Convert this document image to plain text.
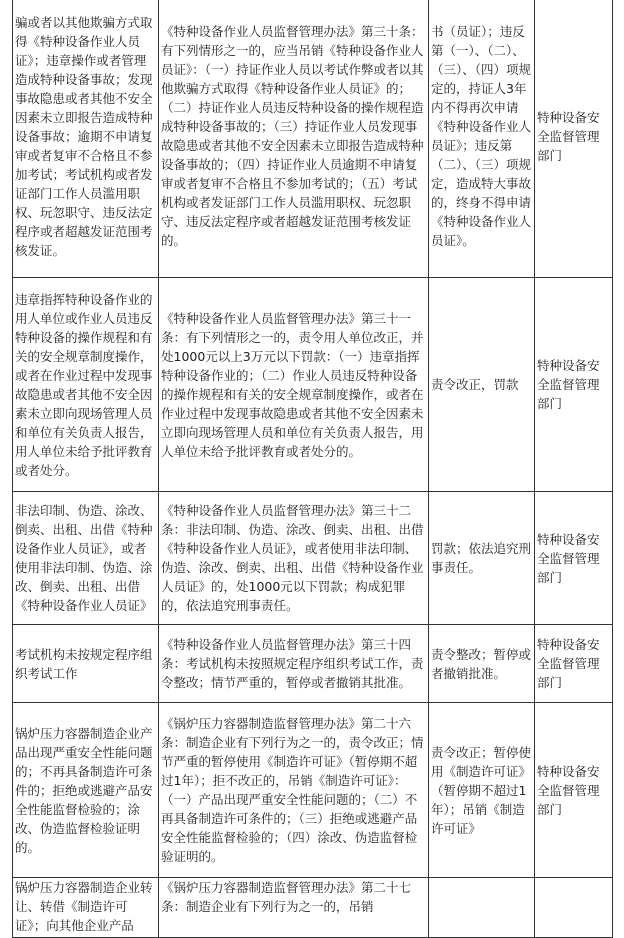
骗或者以其他欺骗方式取得《特种设备作业人员证》；违章操作或者管理造成特种设备事故；发现事故隐患或者其他不安全因素未立即报告造成特种设备事故；逾期不申请复审或者复审不合格且不参加考试；考试机构或者发证部门工作人员滥用职权、玩忽职守、违反法定程序或者超越发证范围考核发证。	《特种设备作业人员监督管理办法》第三十条：有下列情形之一的，应当吊销《特种设备作业人员证》：（一）持证作业人员以考试作弊或者以其他欺骗方式取得《特种设备作业人员证》的；（二）持证作业人员违反特种设备的操作规程造成特种设备事故的；（三）持证作业人员发现事故隐患或者其他不安全因素未立即报告造成特种设备事故的；（四）持证作业人员逾期不申请复审或者复审不合格且不参加考试的；（五）考试机构或者发证部门工作人员滥用职权、玩忽职守、违反法定程序或者超越发证范围考核发证的。	书（员证）；违反第（一）、（二）、（三）、（四）项规定的，持证人3年内不得再次申请《特种设备作业人员证》；违反第（二）、（三）项规定，造成特大事故的，终身不得申请《特种设备作业人员证》。	特种设备安全监督管理部门
违章指挥特种设备作业的用人单位或作业人员违反特种设备的操作规程和有关的安全规章制度操作，或者在作业过程中发现事故隐患或者其他不安全因素未立即向现场管理人员和单位有关负责人报告，用人单位未给予批评教育或者处分。	《特种设备作业人员监督管理办法》第三十一条：有下列情形之一的，责令用人单位改正，并处1000元以上3万元以下罚款：（一）违章指挥特种设备作业的；（二）作业人员违反特种设备的操作规程和有关的安全规章制度操作，或者在作业过程中发现事故隐患或者其他不安全因素未立即向现场管理人员和单位有关负责人报告，用人单位未给予批评教育或者处分的。	责令改正，罚款	特种设备安全监督管理部门
非法印制、伪造、涂改、倒卖、出租、出借《特种设备作业人员证》，或者使用非法印制、伪造、涂改、倒卖、出租、出借《特种设备作业人员证》	《特种设备作业人员监督管理办法》第三十二条：非法印制、伪造、涂改、倒卖、出租、出借《特种设备作业人员证》，或者使用非法印制、伪造、涂改、倒卖、出租、出借《特种设备作业人员证》的，处1000元以下罚款；构成犯罪的，依法追究刑事责任。	罚款；依法追究刑事责任。	特种设备安全监督管理部门
考试机构未按规定程序组织考试工作	《特种设备作业人员监督管理办法》第三十四条：考试机构未按照规定程序组织考试工作，责令整改；情节严重的，暂停或者撤销其批准。	责令整改；暂停或者撤销批准。	特种设备安全监督管理部门
锅炉压力容器制造企业产品出现严重安全性能问题的；不再具备制造许可条件的；拒绝或逃避产品安全性能监督检验的；涂改、伪造监督检验证明的。	《锅炉压力容器制造监督管理办法》第二十六条：制造企业有下列行为之一的，责令改正；情节严重的暂停使用《制造许可证》（暂停期不超过1年）；拒不改正的，吊销《制造许可证》：（一）产品出现严重安全性能问题的；（二）不再具备制造许可条件的；（三）拒绝或逃避产品安全性能监督检验的；（四）涂改、伪造监督检验证明的。	责令改正；暂停使用《制造许可证》（暂停期不超过1年）；吊销《制造许可证》	特种设备安全监督管理部门
锅炉压力容器制造企业转让、转借《制造许可证》；向其他企业产品	《锅炉压力容器制造监督管理办法》第二十七条：制造企业有下列行为之一的，吊销		
